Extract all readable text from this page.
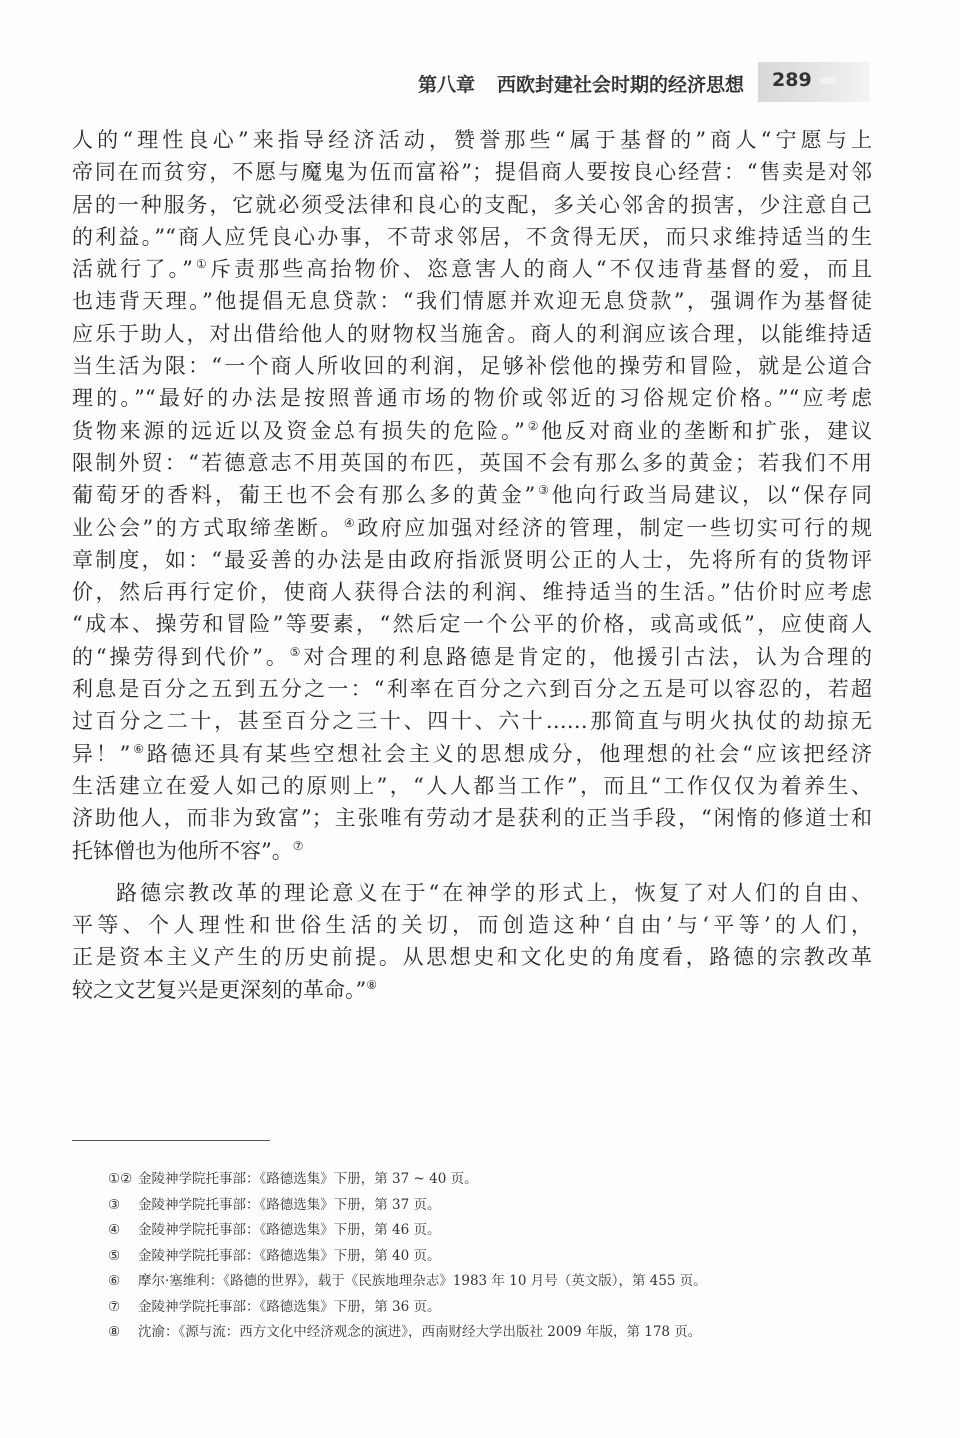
第八章 西欧封建社会时期的经济思想 289 ‹‹‹‹‹
人的“理性良心”来指导经济活动，赞誉那些“属于基督的”商人“宁愿与上
帝同在而贫穷，不愿与魔鬼为伍而富裕”；提倡商人要按良心经营：“售卖是对邻
居的一种服务，它就必须受法律和良心的支配，多关心邻舍的损害，少注意自己
的利益。”“商人应凭良心办事，不苛求邻居，不贪得无厌，而只求维持适当的生
活就行了。”①斥责那些高抬物价、恣意害人的商人“不仅违背基督的爱，而且
也违背天理。”他提倡无息贷款：“我们情愿并欢迎无息贷款”，强调作为基督徒
应乐于助人，对出借给他人的财物权当施舍。商人的利润应该合理，以能维持适
当生活为限：“一个商人所收回的利润，足够补偿他的操劳和冒险，就是公道合
理的。”“最好的办法是按照普通市场的物价或邻近的习俗规定价格。”“应考虑
货物来源的远近以及资金总有损失的危险。”②他反对商业的垄断和扩张，建议
限制外贸：“若德意志不用英国的布匹，英国不会有那么多的黄金；若我们不用
葡萄牙的香料，葡王也不会有那么多的黄金”③他向行政当局建议，以“保存同
业公会”的方式取缔垄断。④政府应加强对经济的管理，制定一些切实可行的规
章制度，如：“最妥善的办法是由政府指派贤明公正的人士，先将所有的货物评
价，然后再行定价，使商人获得合法的利润、维持适当的生活。”估价时应考虑
“成本、操劳和冒险”等要素，“然后定一个公平的价格，或高或低”，应使商人
的“操劳得到代价”。⑤对合理的利息路德是肯定的，他援引古法，认为合理的
利息是百分之五到五分之一：“利率在百分之六到百分之五是可以容忍的，若超
过百分之二十，甚至百分之三十、四十、六十……那简直与明火执仗的劫掠无
异！”⑥路德还具有某些空想社会主义的思想成分，他理想的社会“应该把经济
生活建立在爱人如己的原则上”，“人人都当工作”，而且“工作仅仅为着养生、
济助他人，而非为致富”；主张唯有劳动才是获利的正当手段，“闲惰的修道士和
托钵僧也为他所不容”。⑦
路德宗教改革的理论意义在于“在神学的形式上，恢复了对人们的自由、
平等、个人理性和世俗生活的关切，而创造这种‘自由’与‘平等’的人们，
正是资本主义产生的历史前提。从思想史和文化史的角度看，路德的宗教改革
较之文艺复兴是更深刻的革命。”⑧
①② 金陵神学院托事部：《路德选集》下册，第 37 ~ 40 页。
③ 金陵神学院托事部：《路德选集》下册，第 37 页。
④ 金陵神学院托事部：《路德选集》下册，第 46 页。
⑤ 金陵神学院托事部：《路德选集》下册，第 40 页。
⑥ 摩尔·塞维利：《路德的世界》，载于《民族地理杂志》1983 年 10 月号（英文版），第 455 页。
⑦ 金陵神学院托事部：《路德选集》下册，第 36 页。
⑧ 沈渝：《源与流：西方文化中经济观念的演进》，西南财经大学出版社 2009 年版，第 178 页。
